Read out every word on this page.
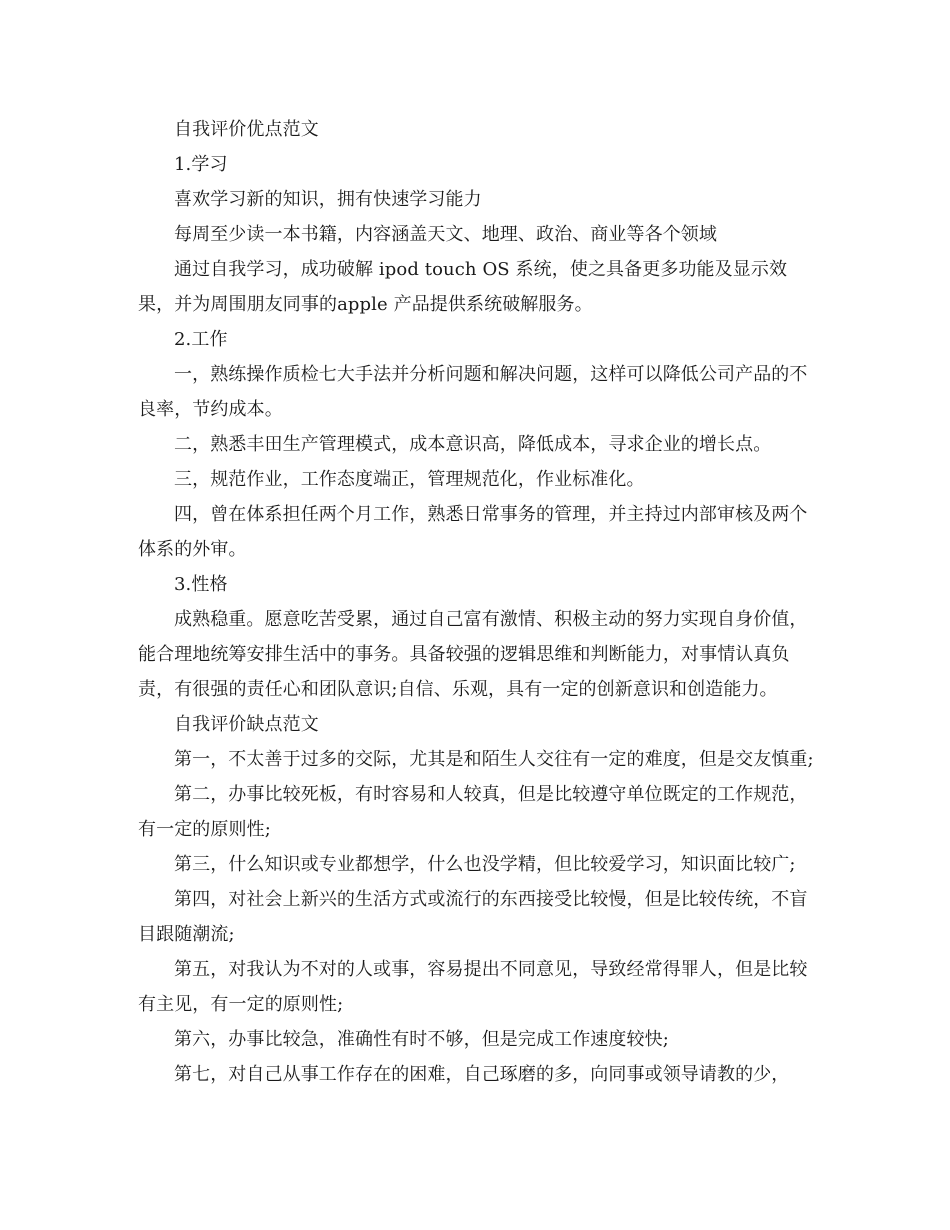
自我评价优点范文

1.学习

喜欢学习新的知识，拥有快速学习能力

每周至少读一本书籍，内容涵盖天文、地理、政治、商业等各个领域

通过自我学习，成功破解 ipod touch OS 系统，使之具备更多功能及显示效果，并为周围朋友同事的apple 产品提供系统破解服务。

2.工作

一，熟练操作质检七大手法并分析问题和解决问题，这样可以降低公司产品的不良率，节约成本。

二，熟悉丰田生产管理模式，成本意识高，降低成本，寻求企业的增长点。

三，规范作业，工作态度端正，管理规范化，作业标准化。

四，曾在体系担任两个月工作，熟悉日常事务的管理，并主持过内部审核及两个体系的外审。

3.性格

成熟稳重。愿意吃苦受累，通过自己富有激情、积极主动的努力实现自身价值，能合理地统筹安排生活中的事务。具备较强的逻辑思维和判断能力，对事情认真负责，有很强的责任心和团队意识;自信、乐观，具有一定的创新意识和创造能力。

自我评价缺点范文

第一，不太善于过多的交际，尤其是和陌生人交往有一定的难度，但是交友慎重;

第二，办事比较死板，有时容易和人较真，但是比较遵守单位既定的工作规范，有一定的原则性;

第三，什么知识或专业都想学，什么也没学精，但比较爱学习，知识面比较广;

第四，对社会上新兴的生活方式或流行的东西接受比较慢，但是比较传统，不盲目跟随潮流;

第五，对我认为不对的人或事，容易提出不同意见，导致经常得罪人，但是比较有主见，有一定的原则性;

第六，办事比较急，准确性有时不够，但是完成工作速度较快;

第七，对自己从事工作存在的困难，自己琢磨的多，向同事或领导请教的少，
